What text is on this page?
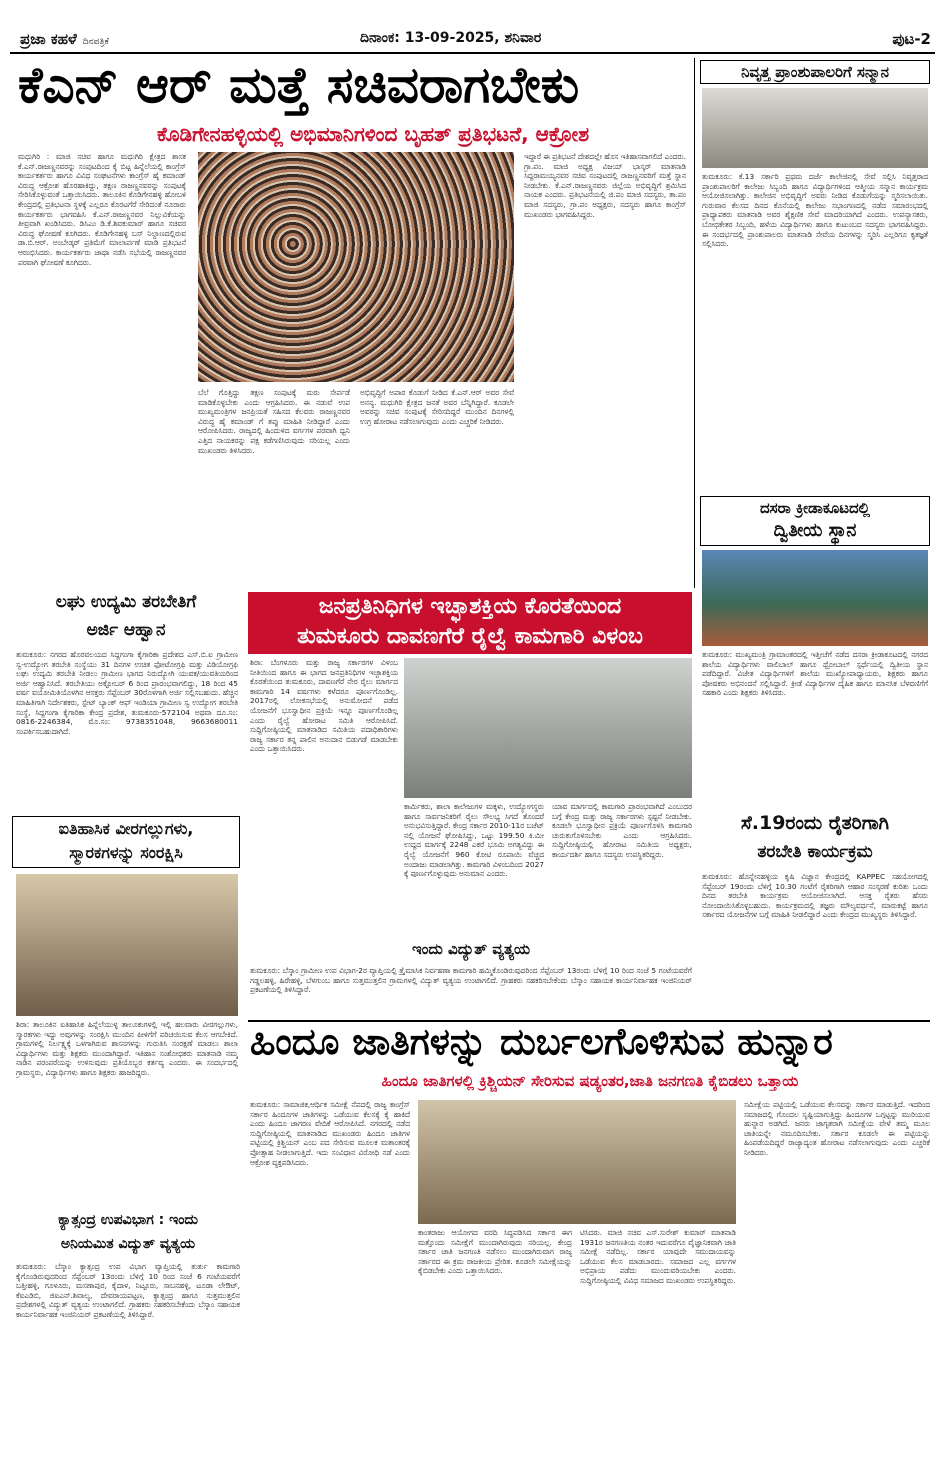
ಪ್ರಜಾ ಕಹಳೆ ದಿನಪತ್ರಿಕೆ	ದಿನಾಂಕ: 13-09-2025, ಶನಿವಾರ	ಪುಟ-2
ಕೆಎನ್ ಆರ್ ಮತ್ತೆ ಸಚಿವರಾಗಬೇಕು
ಕೊಡಿಗೇನಹಳ್ಳಿಯಲ್ಲಿ ಅಭಿಮಾನಿಗಳಿಂದ ಬೃಹತ್ ಪ್ರತಿಭಟನೆ, ಆಕ್ರೋಶ
ಮಧುಗಿರಿ : ಮಾಜಿ ಸಚಿವ ಹಾಗೂ ಮಧುಗಿರಿ ಕ್ಷೇತ್ರದ ಶಾಸಕ ಕೆ.ಎನ್.ರಾಜಣ್ಣನವರನ್ನು ಸಂಪುಟದಿಂದ ಕೈ ಬಿಟ್ಟ ಹಿನ್ನೆಲೆಯಲ್ಲಿ ಕಾಂಗ್ರೆಸ್ ಕಾರ್ಯಕರ್ತರು ಹಾಗೂ ವಿವಿಧ ಸಂಘಟನೆಗಳು ಕಾಂಗ್ರೆಸ್ ಹೈ ಕಮಾಂಡ್ ವಿರುದ್ಧ ಆಕ್ರೋಶ ಹೊರಹಾಕಿದ್ದು, ತಕ್ಷಣ ರಾಜಣ್ಣನವರನ್ನು ಸಂಪುಟಕ್ಕೆ ಸೇರಿಸಿಕೊಳ್ಳುವಂತೆ ಒತ್ತಾಯಿಸಿದರು. ತಾಲೂಕಿನ ಕೊಡಿಗೇನಹಳ್ಳಿ ಹೋಬಳಿ ಕೇಂದ್ರದಲ್ಲಿ ಪ್ರತಿಭಟನಾ ಸ್ಥಳಕ್ಕೆ ಎಲ್ಲರೂ ಕೊರಟಗೆರೆ ಸೇರಿದಂತೆ ನೂರಾರು ಕಾರ್ಯಕರ್ತರು ಭಾಗವಹಿಸಿ ಕೆ.ಎನ್.ರಾಜಣ್ಣನವರ ನಿಲ್ಲುವಿಕೆಯನ್ನು ತೀವ್ರವಾಗಿ ಖಂಡಿಸಿದರು. ಡಿಸಿಎಂ ಡಿ.ಕೆ.ಶಿವಕುಮಾರ್ ಹಾಗೂ ಸಚಿವರ ವಿರುದ್ಧ ಘೋಷಣೆ ಕೂಗಿದರು. ಕೊಡಿಗೇನಹಳ್ಳಿ ಬಸ್ ನಿಲ್ದಾಣದಲ್ಲಿರುವ ಡಾ.ಬಿ.ಆರ್. ಅಂಬೇಡ್ಕರ್ ಪ್ರತಿಮೆಗೆ ಮಾಲಾರ್ಪಣೆ ಮಾಡಿ ಪ್ರತಿಭಟನೆ ಆರಂಭಿಸಿದರು. ಕಾರ್ಯಕರ್ತರು ಜಾಥಾ ನಡೆಸಿ ಸಭೆಯಲ್ಲಿ ರಾಜಣ್ಣನವರ ಪರವಾಗಿ ಘೋಷಣೆ ಕೂಗಿದರು.
ಬೆಲೆ ಗೊತ್ತಿದ್ದು ತಕ್ಷಣ ಸಂಪುಟಕ್ಕೆ ಮರು ಸೇರ್ಪಡೆ ಮಾಡಿಕೊಳ್ಳಬೇಕು ಎಂದು ಆಗ್ರಹಿಸಿದರು. ಈ ನಡುವೆ ಉಪ ಮುಖ್ಯಮಂತ್ರಿಗಳ ಜನಪ್ರಿಯತೆ ಸಹಿಸದ ಕೆಲವರು ರಾಜಣ್ಣನವರ ವಿರುದ್ಧ ಹೈ ಕಮಾಂಡ್ ಗೆ ತಪ್ಪು ಮಾಹಿತಿ ನೀಡಿದ್ದಾರೆ ಎಂದು ಆರೋಪಿಸಿದರು. ರಾಜ್ಯದಲ್ಲಿ ಹಿಂದುಳಿದ ವರ್ಗಗಳ ಪರವಾಗಿ ಧ್ವನಿ ಎತ್ತಿದ ನಾಯಕರನ್ನು ಪಕ್ಷ ಕಡೆಗಣಿಸಿರುವುದು ಸರಿಯಲ್ಲ ಎಂದು ಮುಖಂಡರು ತಿಳಿಸಿದರು.
ಅಭಿವೃದ್ಧಿಗೆ ಅಪಾರ ಕೊಡುಗೆ ನೀಡಿದ ಕೆ.ಎನ್.ಆರ್ ಅವರ ಸೇವೆ ಅನನ್ಯ. ಮಧುಗಿರಿ ಕ್ಷೇತ್ರದ ಜನತೆ ಅವರ ಬೆನ್ನಿಗಿದ್ದಾರೆ. ಕೂಡಲೇ ಅವರನ್ನು ಸಚಿವ ಸಂಪುಟಕ್ಕೆ ಸೇರಿಸದಿದ್ದರೆ ಮುಂದಿನ ದಿನಗಳಲ್ಲಿ ಉಗ್ರ ಹೋರಾಟ ನಡೆಸಲಾಗುವುದು ಎಂದು ಎಚ್ಚರಿಕೆ ನೀಡಿದರು.
ಇದ್ದಾರೆ ಈ ಪ್ರತಿಭಟನೆ ದೇಶದಲ್ಲೇ ಹೊಸ ಇತಿಹಾಸವಾಗಲಿದೆ ಎಂದರು. ಗ್ರಾ.ಪಂ. ಮಾಜಿ ಅಧ್ಯಕ್ಷ ವಿಜಯ್ ಭಾಸ್ಕರ್ ಮಾತನಾಡಿ ಸಿದ್ದರಾಮಯ್ಯನವರ ಸಚಿವ ಸಂಪುಟದಲ್ಲಿ ರಾಜಣ್ಣನವರಿಗೆ ಮತ್ತೆ ಸ್ಥಾನ ನೀಡಬೇಕು. ಕೆ.ಎನ್.ರಾಜಣ್ಣನವರು ಜಿಲ್ಲೆಯ ಅಭಿವೃದ್ಧಿಗೆ ಶ್ರಮಿಸಿದ ನಾಯಕ ಎಂದರು. ಪ್ರತಿಭಟನೆಯಲ್ಲಿ ಜಿ.ಪಂ ಮಾಜಿ ಸದಸ್ಯರು, ತಾ.ಪಂ ಮಾಜಿ ಸದಸ್ಯರು, ಗ್ರಾ.ಪಂ ಅಧ್ಯಕ್ಷರು, ಸದಸ್ಯರು ಹಾಗೂ ಕಾಂಗ್ರೆಸ್ ಮುಖಂಡರು ಭಾಗವಹಿಸಿದ್ದರು.
ನಿವೃತ್ತ ಪ್ರಾಂಶುಪಾಲರಿಗೆ ಸನ್ಮಾನ
ತುಮಕೂರು: ಕೆ.13 ಸರ್ಕಾರಿ ಪ್ರಥಮ ದರ್ಜೆ ಕಾಲೇಜಿನಲ್ಲಿ ಸೇವೆ ಸಲ್ಲಿಸಿ ನಿವೃತ್ತರಾದ ಪ್ರಾಂಶುಪಾಲರಿಗೆ ಕಾಲೇಜು ಸಿಬ್ಬಂದಿ ಹಾಗೂ ವಿದ್ಯಾರ್ಥಿಗಳಿಂದ ಆತ್ಮೀಯ ಸನ್ಮಾನ ಕಾರ್ಯಕ್ರಮ ಆಯೋಜಿಸಲಾಗಿತ್ತು. ಕಾಲೇಜಿನ ಅಭಿವೃದ್ಧಿಗೆ ಅವರು ನೀಡಿದ ಕೊಡುಗೆಯನ್ನು ಸ್ಮರಿಸಲಾಯಿತು. ಗುರುವಾರ ಕೆಲಸದ ದಿನದ ಕೊನೆಯಲ್ಲಿ ಕಾಲೇಜು ಸಭಾಂಗಣದಲ್ಲಿ ನಡೆದ ಸಮಾರಂಭದಲ್ಲಿ ಪ್ರಾಧ್ಯಾಪಕರು ಮಾತನಾಡಿ ಅವರ ಶೈಕ್ಷಣಿಕ ಸೇವೆ ಮಾದರಿಯಾಗಿದೆ ಎಂದರು. ಉಪನ್ಯಾಸಕರು, ಬೋಧಕೇತರ ಸಿಬ್ಬಂದಿ, ಹಳೆಯ ವಿದ್ಯಾರ್ಥಿಗಳು ಹಾಗೂ ಕುಟುಂಬದ ಸದಸ್ಯರು ಭಾಗವಹಿಸಿದ್ದರು. ಈ ಸಂದರ್ಭದಲ್ಲಿ ಪ್ರಾಂಶುಪಾಲರು ಮಾತನಾಡಿ ಸೇವೆಯ ದಿನಗಳನ್ನು ಸ್ಮರಿಸಿ ಎಲ್ಲರಿಗೂ ಕೃತಜ್ಞತೆ ಸಲ್ಲಿಸಿದರು.
ದಸರಾ ಕ್ರೀಡಾಕೂಟದಲ್ಲಿ
ದ್ವಿತೀಯ ಸ್ಥಾನ
ತುಮಕೂರು: ಮುಖ್ಯಮಂತ್ರಿ ಗ್ರಾಮಾಂತರದಲ್ಲಿ ಇತ್ತೀಚೆಗೆ ನಡೆದ ದಸರಾ ಕ್ರೀಡಾಕೂಟದಲ್ಲಿ ನಗರದ ಶಾಲೆಯ ವಿದ್ಯಾರ್ಥಿಗಳು ವಾಲಿಬಾಲ್ ಹಾಗೂ ಥ್ರೋಬಾಲ್ ಸ್ಪರ್ಧೆಯಲ್ಲಿ ದ್ವಿತೀಯ ಸ್ಥಾನ ಪಡೆದಿದ್ದಾರೆ. ವಿಜೇತ ವಿದ್ಯಾರ್ಥಿಗಳಿಗೆ ಶಾಲೆಯ ಮುಖ್ಯೋಪಾಧ್ಯಾಯರು, ಶಿಕ್ಷಕರು ಹಾಗೂ ಪೋಷಕರು ಅಭಿನಂದನೆ ಸಲ್ಲಿಸಿದ್ದಾರೆ. ಕ್ರೀಡೆ ವಿದ್ಯಾರ್ಥಿಗಳ ದೈಹಿಕ ಹಾಗೂ ಮಾನಸಿಕ ಬೆಳವಣಿಗೆಗೆ ಸಹಕಾರಿ ಎಂದು ಶಿಕ್ಷಕರು ತಿಳಿಸಿದರು.
ಸೆ.19ರಂದು ರೈತರಿಗಾಗಿ
ತರಬೇತಿ ಕಾರ್ಯಕ್ರಮ
ತುಮಕೂರು: ಹೊನ್ನೇನಹಳ್ಳಿಯ ಕೃಷಿ ವಿಜ್ಞಾನ ಕೇಂದ್ರದಲ್ಲಿ KAPPEC ಸಹಯೋಗದಲ್ಲಿ ಸೆಪ್ಟೆಂಬರ್ 19ರಂದು ಬೆಳಿಗ್ಗೆ 10.30 ಗಂಟೆಗೆ ರೈತರಿಗಾಗಿ ಆಹಾರ ಸಂಸ್ಕರಣೆ ಕುರಿತು ಒಂದು ದಿನದ ತರಬೇತಿ ಕಾರ್ಯಕ್ರಮ ಆಯೋಜಿಸಲಾಗಿದೆ. ಆಸಕ್ತ ರೈತರು ಹೆಸರು ನೋಂದಾಯಿಸಿಕೊಳ್ಳಬಹುದು. ಕಾರ್ಯಕ್ರಮದಲ್ಲಿ ತಜ್ಞರು ಮೌಲ್ಯವರ್ಧನೆ, ಮಾರುಕಟ್ಟೆ ಹಾಗೂ ಸರ್ಕಾರದ ಯೋಜನೆಗಳ ಬಗ್ಗೆ ಮಾಹಿತಿ ನೀಡಲಿದ್ದಾರೆ ಎಂದು ಕೇಂದ್ರದ ಮುಖ್ಯಸ್ಥರು ತಿಳಿಸಿದ್ದಾರೆ.
ಲಘು ಉದ್ಯಮಿ ತರಬೇತಿಗೆ
ಅರ್ಜಿ ಆಹ್ವಾನ
ತುಮಕೂರು: ನಗರದ ಹೊರವಲಯದ ಸಿದ್ದಗಂಗಾ ಕೈಗಾರಿಕಾ ಪ್ರದೇಶದ ಎಸ್.ಬಿ.ಐ ಗ್ರಾಮೀಣ ಸ್ವ-ಉದ್ಯೋಗ ತರಬೇತಿ ಸಂಸ್ಥೆಯು 31 ದಿನಗಳ ಉಚಿತ ಫೋಟೋಗ್ರಫಿ ಮತ್ತು ವಿಡಿಯೋಗ್ರಫಿ ಲಘು ಉದ್ಯಮಿ ತರಬೇತಿ ನೀಡಲು ಗ್ರಾಮೀಣ ಭಾಗದ ನಿರುದ್ಯೋಗಿ ಯುವಕ/ಯುವತಿಯರಿಂದ ಅರ್ಜಿ ಆಹ್ವಾನಿಸಿದೆ. ತರಬೇತಿಯು ಅಕ್ಟೋಬರ್ 6 ರಿಂದ ಪ್ರಾರಂಭವಾಗಲಿದ್ದು, 18 ರಿಂದ 45 ವರ್ಷ ವಯೋಮಿತಿಯೊಳಗಿನ ಆಸಕ್ತರು ಸೆಪ್ಟೆಂಬರ್ 30ರೊಳಗಾಗಿ ಅರ್ಜಿ ಸಲ್ಲಿಸಬಹುದು. ಹೆಚ್ಚಿನ ಮಾಹಿತಿಗಾಗಿ ನಿರ್ದೇಶಕರು, ಸ್ಟೇಟ್ ಬ್ಯಾಂಕ್ ಆಫ್ ಇಂಡಿಯಾ ಗ್ರಾಮೀಣ ಸ್ವ ಉದ್ಯೋಗ ತರಬೇತಿ ಸಂಸ್ಥೆ, ಸಿದ್ದಗಂಗಾ ಕೈಗಾರಿಕಾ ಕೇಂದ್ರ ಪ್ರದೇಶ, ತುಮಕೂರು-572104 ಅಥವಾ ದೂ.ಸಂ: 0816-2246384, ಮೊ.ಸಂ: 9738351048, 9663680011 ಸಂಪರ್ಕಿಸಬಹುದಾಗಿದೆ.
ಐತಿಹಾಸಿಕ ವೀರಗಲ್ಲುಗಳು,
ಸ್ಮಾರಕಗಳನ್ನು ಸಂರಕ್ಷಿಸಿ
ಶಿರಾ: ತಾಲೂಕಿನ ಐತಿಹಾಸಿಕ ಹಿನ್ನೆಲೆಯುಳ್ಳ ತಾಲೂಕುಗಳಲ್ಲಿ ಇಲ್ಲಿ ಹಲವಾರು ವೀರಗಲ್ಲುಗಳು, ಸ್ಮಾರಕಗಳು ಇದ್ದು ಅವುಗಳನ್ನು ಸಂರಕ್ಷಿಸಿ ಮುಂದಿನ ಪೀಳಿಗೆಗೆ ಪರಿಚಯಿಸುವ ಕೆಲಸ ಆಗಬೇಕಿದೆ. ಗ್ರಾಮಗಳಲ್ಲಿ ನಿರ್ಲಕ್ಷ್ಯಕ್ಕೆ ಒಳಗಾಗಿರುವ ಶಾಸನಗಳನ್ನು ಗುರುತಿಸಿ ಸಂರಕ್ಷಣೆ ಮಾಡಲು ಶಾಲಾ ವಿದ್ಯಾರ್ಥಿಗಳು ಮತ್ತು ಶಿಕ್ಷಕರು ಮುಂದಾಗಿದ್ದಾರೆ. ಇತಿಹಾಸ ಸಂಶೋಧಕರು ಮಾತನಾಡಿ ನಮ್ಮ ನಾಡಿನ ಪರಂಪರೆಯನ್ನು ಉಳಿಸುವುದು ಪ್ರತಿಯೊಬ್ಬರ ಕರ್ತವ್ಯ ಎಂದರು. ಈ ಸಂದರ್ಭದಲ್ಲಿ ಗ್ರಾಮಸ್ಥರು, ವಿದ್ಯಾರ್ಥಿಗಳು ಹಾಗೂ ಶಿಕ್ಷಕರು ಹಾಜರಿದ್ದರು.
ಜನಪ್ರತಿನಿಧಿಗಳ ಇಚ್ಛಾಶಕ್ತಿಯ ಕೊರತೆಯಿಂದ
ತುಮಕೂರು ದಾವಣಗೆರೆ ರೈಲ್ವೆ ಕಾಮಗಾರಿ ವಿಳಂಬ
ಶಿರಾ: ಬೆಂಗಳೂರು ಮತ್ತು ರಾಜ್ಯ ಸರ್ಕಾರಗಳ ವಿಳಂಬ ನೀತಿಯಿಂದ ಹಾಗೂ ಈ ಭಾಗದ ಜನಪ್ರತಿನಿಧಿಗಳ ಇಚ್ಛಾಶಕ್ತಿಯ ಕೊರತೆಯಿಂದ ತುಮಕೂರು, ದಾವಣಗೆರೆ ನೇರ ರೈಲು ಮಾರ್ಗದ ಕಾಮಗಾರಿ 14 ವರ್ಷಗಳು ಕಳೆದರೂ ಪೂರ್ಣಗೊಂಡಿಲ್ಲ. 2017ರಲ್ಲಿ ಲೋಕಸಭೆಯಲ್ಲಿ ಅನುಮೋದನೆ ಪಡೆದ ಯೋಜನೆಗೆ ಭೂಸ್ವಾಧೀನ ಪ್ರಕ್ರಿಯೆ ಇನ್ನೂ ಪೂರ್ಣಗೊಂಡಿಲ್ಲ ಎಂದು ರೈಲ್ವೆ ಹೋರಾಟ ಸಮಿತಿ ಆರೋಪಿಸಿದೆ. ಸುದ್ದಿಗೋಷ್ಠಿಯಲ್ಲಿ ಮಾತನಾಡಿದ ಸಮಿತಿಯ ಪದಾಧಿಕಾರಿಗಳು ರಾಜ್ಯ ಸರ್ಕಾರ ತನ್ನ ಪಾಲಿನ ಅನುದಾನ ಬಿಡುಗಡೆ ಮಾಡಬೇಕು ಎಂದು ಒತ್ತಾಯಿಸಿದರು.
ಕಾರ್ಮಿಕರು, ಶಾಲಾ ಕಾಲೇಜುಗಳ ಮಕ್ಕಳು, ಉದ್ಯೋಗಸ್ಥರು ಹಾಗೂ ಸಾರ್ವಜನಿಕರಿಗೆ ರೈಲು ಸೌಲಭ್ಯ ಸಿಗದೆ ತೊಂದರೆ ಅನುಭವಿಸುತ್ತಿದ್ದಾರೆ. ಕೇಂದ್ರ ಸರ್ಕಾರ 2010-11ರ ಬಜೆಟ್ ನಲ್ಲಿ ಯೋಜನೆ ಘೋಷಿಸಿದ್ದು, ಒಟ್ಟು 199.50 ಕಿ.ಮೀ ಉದ್ದದ ಮಾರ್ಗಕ್ಕೆ 2248 ಎಕರೆ ಭೂಮಿ ಅಗತ್ಯವಿದ್ದು ಈ ರೈಲ್ವೆ ಯೋಜನೆಗೆ 960 ಕೋಟಿ ರೂಪಾಯಿ ವೆಚ್ಚದ ಅಂದಾಜು ಮಾಡಲಾಗಿತ್ತು. ಕಾಮಗಾರಿ ವಿಳಂಬದಿಂದ 2027 ಕ್ಕೆ ಪೂರ್ಣಗೊಳ್ಳುವುದು ಅನುಮಾನ ಎಂದರು.
ಯಾವ ಮಾರ್ಗದಲ್ಲಿ ಕಾಮಗಾರಿ ಪ್ರಾರಂಭವಾಗಿದೆ ಎಂಬುದರ ಬಗ್ಗೆ ಕೇಂದ್ರ ಮತ್ತು ರಾಜ್ಯ ಸರ್ಕಾರಗಳು ಸ್ಪಷ್ಟನೆ ನೀಡಬೇಕು. ಕೂಡಲೇ ಭೂಸ್ವಾಧೀನ ಪ್ರಕ್ರಿಯೆ ಪೂರ್ಣಗೊಳಿಸಿ ಕಾಮಗಾರಿ ಚುರುಕುಗೊಳಿಸಬೇಕು ಎಂದು ಆಗ್ರಹಿಸಿದರು. ಸುದ್ದಿಗೋಷ್ಠಿಯಲ್ಲಿ ಹೋರಾಟ ಸಮಿತಿಯ ಅಧ್ಯಕ್ಷರು, ಕಾರ್ಯದರ್ಶಿ ಹಾಗೂ ಸದಸ್ಯರು ಉಪಸ್ಥಿತರಿದ್ದರು.
ಇಂದು ವಿದ್ಯುತ್ ವ್ಯತ್ಯಯ
ತುಮಕೂರು: ಬೆಸ್ಕಾಂ ಗ್ರಾಮೀಣ ಉಪ ವಿಭಾಗ-2ರ ವ್ಯಾಪ್ತಿಯಲ್ಲಿ ತ್ರೈಮಾಸಿಕ ನಿರ್ವಹಣಾ ಕಾಮಗಾರಿ ಹಮ್ಮಿಕೊಂಡಿರುವುದರಿಂದ ಸೆಪ್ಟೆಂಬರ್ 13ರಂದು ಬೆಳಿಗ್ಗೆ 10 ರಿಂದ ಸಂಜೆ 5 ಗಂಟೆಯವರೆಗೆ ಗಡ್ಡಲಹಳ್ಳಿ, ಹಿರೇಹಳ್ಳಿ, ಬೆಳಗುಂಬ ಹಾಗೂ ಸುತ್ತಮುತ್ತಲಿನ ಗ್ರಾಮಗಳಲ್ಲಿ ವಿದ್ಯುತ್ ವ್ಯತ್ಯಯ ಉಂಟಾಗಲಿದೆ. ಗ್ರಾಹಕರು ಸಹಕರಿಸಬೇಕೆಂದು ಬೆಸ್ಕಾಂ ಸಹಾಯಕ ಕಾರ್ಯನಿರ್ವಾಹಕ ಇಂಜಿನಿಯರ್ ಪ್ರಕಟಣೆಯಲ್ಲಿ ತಿಳಿಸಿದ್ದಾರೆ.
ಹಿಂದೂ ಜಾತಿಗಳನ್ನು ದುರ್ಬಲಗೊಳಿಸುವ ಹುನ್ನಾರ
ಹಿಂದೂ ಜಾತಿಗಳಲ್ಲಿ ಕ್ರಿಶ್ಚಿಯನ್ ಸೇರಿಸುವ ಷಡ್ಯಂತರ,ಜಾತಿ ಜನಗಣತಿ ಕೈಬಿಡಲು ಒತ್ತಾಯ
ತುಮಕೂರು: ಸಾಮಾಜಿಕ,ಆರ್ಥಿಕ ಸಮೀಕ್ಷೆ ನೆಪದಲ್ಲಿ ರಾಜ್ಯ ಕಾಂಗ್ರೆಸ್ ಸರ್ಕಾರ ಹಿಂದೂಗಳ ಜಾತಿಗಳನ್ನು ಒಡೆಯುವ ಕೆಲಸಕ್ಕೆ ಕೈ ಹಾಕಿದೆ ಎಂದು ಹಿಂದೂ ಜಾಗರಣ ವೇದಿಕೆ ಆರೋಪಿಸಿದೆ. ನಗರದಲ್ಲಿ ನಡೆದ ಸುದ್ದಿಗೋಷ್ಠಿಯಲ್ಲಿ ಮಾತನಾಡಿದ ಮುಖಂಡರು ಹಿಂದೂ ಜಾತಿಗಳ ಪಟ್ಟಿಯಲ್ಲಿ ಕ್ರಿಶ್ಚಿಯನ್ ಎಂಬ ಪದ ಸೇರಿಸುವ ಮೂಲಕ ಮತಾಂತರಕ್ಕೆ ಪ್ರೋತ್ಸಾಹ ನೀಡಲಾಗುತ್ತಿದೆ. ಇದು ಸಂವಿಧಾನ ವಿರೋಧಿ ನಡೆ ಎಂದು ಆಕ್ರೋಶ ವ್ಯಕ್ತಪಡಿಸಿದರು.
ಕಾಂತರಾಜು ಆಯೋಗದ ವರದಿ ಸಿದ್ಧಪಡಿಸಿದ ಸರ್ಕಾರ ಈಗ ಮತ್ತೊಂದು ಸಮೀಕ್ಷೆಗೆ ಮುಂದಾಗಿರುವುದು ಸರಿಯಲ್ಲ. ಕೇಂದ್ರ ಸರ್ಕಾರ ಜಾತಿ ಜನಗಣತಿ ನಡೆಸಲು ಮುಂದಾಗಿರುವಾಗ ರಾಜ್ಯ ಸರ್ಕಾರದ ಈ ಕ್ರಮ ರಾಜಕೀಯ ಪ್ರೇರಿತ. ಕೂಡಲೇ ಸಮೀಕ್ಷೆಯನ್ನು ಕೈಬಿಡಬೇಕು ಎಂದು ಒತ್ತಾಯಿಸಿದರು.
ಟಿಸಿದರು. ಮಾಜಿ ಸಚಿವ ಎಸ್.ಸುರೇಶ್ ಕುಮಾರ್ ಮಾತನಾಡಿ 1931ರ ಜನಗಣತಿಯ ನಂತರ ಇದುವರೆಗೂ ವೈಜ್ಞಾನಿಕವಾಗಿ ಜಾತಿ ಸಮೀಕ್ಷೆ ನಡೆದಿಲ್ಲ. ಸರ್ಕಾರ ಯಾವುದೇ ಸಮುದಾಯವನ್ನು ಒಡೆಯುವ ಕೆಲಸ ಮಾಡಬಾರದು. ಸಮಾಜದ ಎಲ್ಲ ವರ್ಗಗಳ ಅಭಿಪ್ರಾಯ ಪಡೆದು ಮುಂದುವರಿಯಬೇಕು ಎಂದರು. ಸುದ್ದಿಗೋಷ್ಠಿಯಲ್ಲಿ ವಿವಿಧ ಸಮಾಜದ ಮುಖಂಡರು ಉಪಸ್ಥಿತರಿದ್ದರು.
ಸಮೀಕ್ಷೆಯ ಪಟ್ಟಿಯಲ್ಲಿ ಒಡೆಯುವ ಕೆಲಸವನ್ನು ಸರ್ಕಾರ ಮಾಡುತ್ತಿದೆ. ಇದರಿಂದ ಸಮಾಜದಲ್ಲಿ ಗೊಂದಲ ಸೃಷ್ಟಿಯಾಗುತ್ತಿದ್ದು ಹಿಂದೂಗಳ ಒಗ್ಗಟ್ಟನ್ನು ಮುರಿಯುವ ಹುನ್ನಾರ ಅಡಗಿದೆ. ಜನರು ಜಾಗೃತರಾಗಿ ಸಮೀಕ್ಷೆಯ ವೇಳೆ ತಮ್ಮ ಮೂಲ ಜಾತಿಯನ್ನೇ ನಮೂದಿಸಬೇಕು. ಸರ್ಕಾರ ಕೂಡಲೇ ಈ ಪಟ್ಟಿಯನ್ನು ಹಿಂಪಡೆಯದಿದ್ದರೆ ರಾಜ್ಯಾದ್ಯಂತ ಹೋರಾಟ ನಡೆಸಲಾಗುವುದು ಎಂದು ಎಚ್ಚರಿಕೆ ನೀಡಿದರು.
ಕ್ಯಾತ್ಸಂದ್ರ ಉಪವಿಭಾಗ : ಇಂದು
ಅನಿಯಮಿತ ವಿದ್ಯುತ್ ವ್ಯತ್ಯಯ
ತುಮಕೂರು: ಬೆಸ್ಕಾಂ ಕ್ಯಾತ್ಸಂದ್ರ ಉಪ ವಿಭಾಗ ವ್ಯಾಪ್ತಿಯಲ್ಲಿ ತುರ್ತು ಕಾಮಗಾರಿ ಕೈಗೊಂಡಿರುವುದರಿಂದ ಸೆಪ್ಟೆಂಬರ್ 13ರಂದು ಬೆಳಿಗ್ಗೆ 10 ರಿಂದ ಸಂಜೆ 6 ಗಂಟೆಯವರೆಗೆ ಬತ್ತೀಹಳ್ಳಿ, ಗೂಳೂರು, ಮಸಣಾಪುರ, ಕೈದಾಳ, ನಿಟ್ಟೂರು, ಸಾಬನಹಳ್ಳಿ, ಟೂಡಾ ಲೇಔಟ್, ಕೆಐಎಡಿಬಿ, ಜಿಐಎನ್.ಶಿವಾಲ್ಯ, ದೇವರಾಯಪಟ್ಟಣ, ಕ್ಯಾತ್ಸಂದ್ರ ಹಾಗೂ ಸುತ್ತಮುತ್ತಲಿನ ಪ್ರದೇಶಗಳಲ್ಲಿ ವಿದ್ಯುತ್ ವ್ಯತ್ಯಯ ಉಂಟಾಗಲಿದೆ. ಗ್ರಾಹಕರು ಸಹಕರಿಸಬೇಕೆಂದು ಬೆಸ್ಕಾಂ ಸಹಾಯಕ ಕಾರ್ಯನಿರ್ವಾಹಕ ಇಂಜಿನಿಯರ್ ಪ್ರಕಟಣೆಯಲ್ಲಿ ತಿಳಿಸಿದ್ದಾರೆ.
